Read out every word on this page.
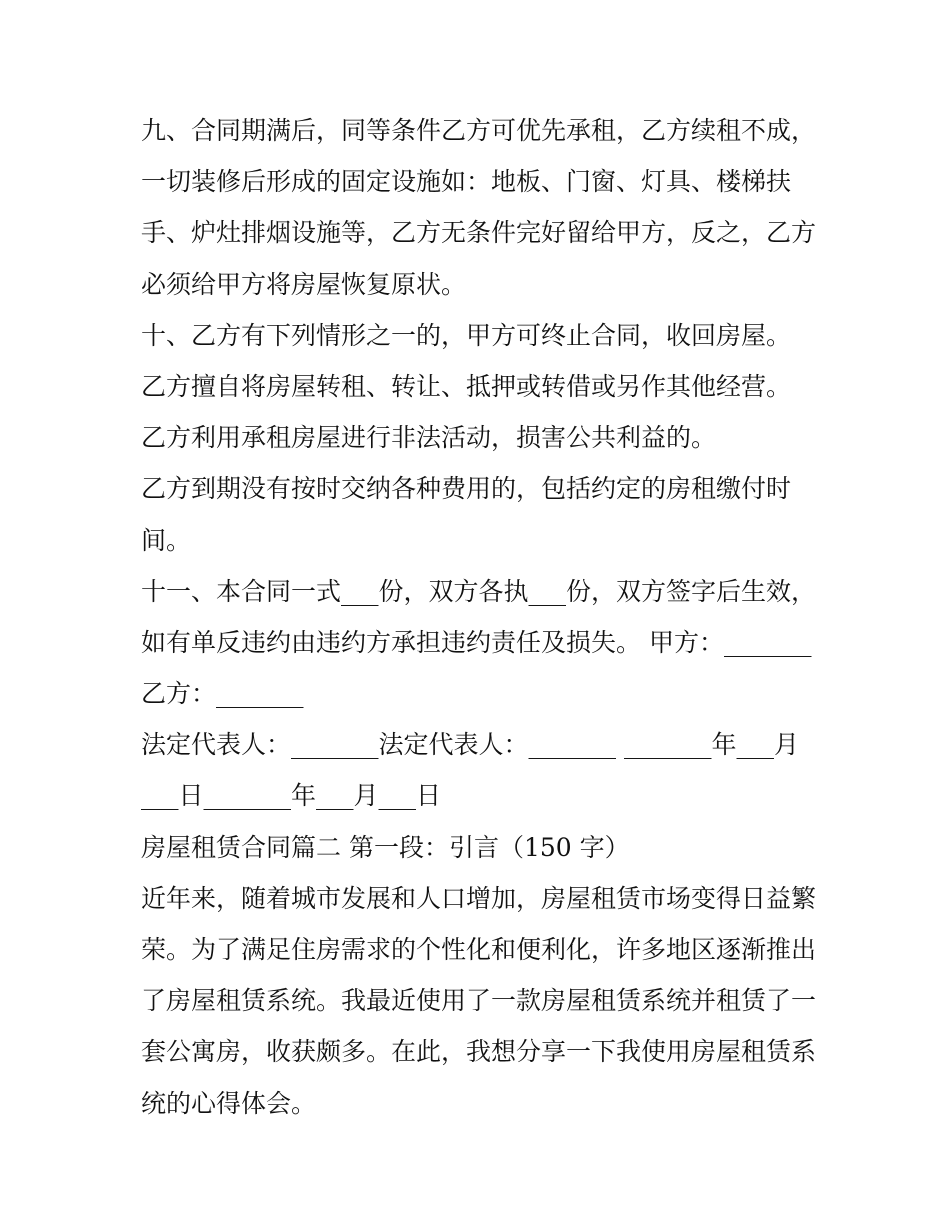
九、合同期满后，同等条件乙方可优先承租，乙方续租不成，
一切装修后形成的固定设施如：地板、门窗、灯具、楼梯扶
手、炉灶排烟设施等，乙方无条件完好留给甲方，反之，乙方
必须给甲方将房屋恢复原状。
十、乙方有下列情形之一的，甲方可终止合同，收回房屋。
乙方擅自将房屋转租、转让、抵押或转借或另作其他经营。
乙方利用承租房屋进行非法活动，损害公共利益的。
乙方到期没有按时交纳各种费用的，包括约定的房租缴付时
间。
十一、本合同一式___份，双方各执___份，双方签字后生效，
如有单反违约由违约方承担违约责任及损失。 甲方：_______
乙方：_______
法定代表人：_______法定代表人：_______ _______年___月
___日_______年___月___日
房屋租赁合同篇二 第一段：引言（150 字）
近年来，随着城市发展和人口增加，房屋租赁市场变得日益繁
荣。为了满足住房需求的个性化和便利化，许多地区逐渐推出
了房屋租赁系统。我最近使用了一款房屋租赁系统并租赁了一
套公寓房，收获颇多。在此，我想分享一下我使用房屋租赁系
统的心得体会。
